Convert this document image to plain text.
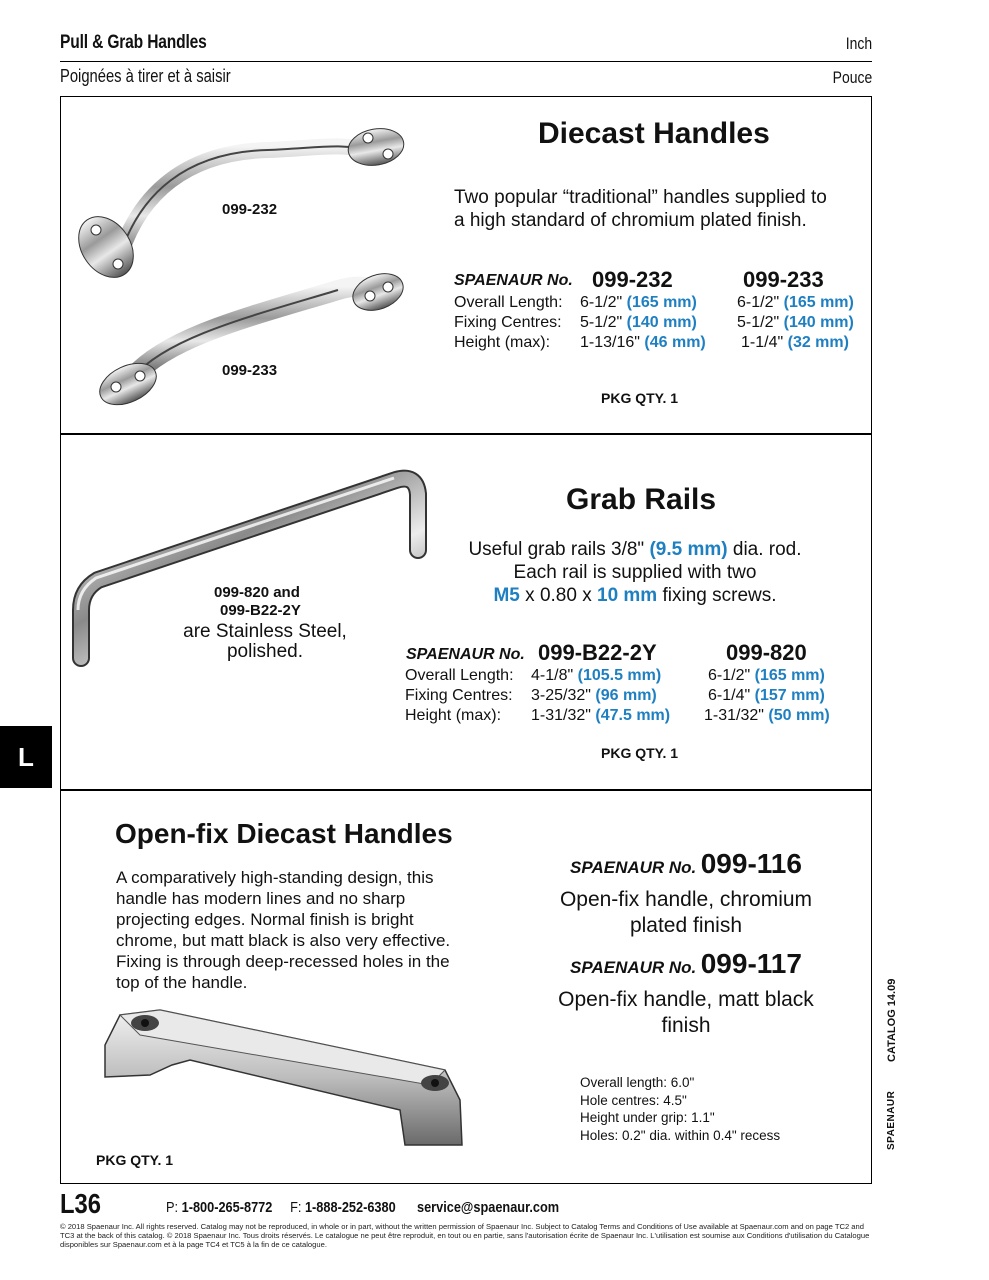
Pull & Grab Handles	Inch
Poignées à tirer et à saisir	Pouce
L
099-232
099-233
Diecast Handles
Two popular “traditional” handles supplied to a high standard of chromium plated finish.
SPAENAUR No. 099-232	099-233
Overall Length: 6-1/2" (165 mm)	6-1/2" (165 mm)
Fixing Centres: 5-1/2" (140 mm)	5-1/2" (140 mm)
Height (max): 1-13/16" (46 mm) 1-1/4" (32 mm)
PKG QTY. 1
099-820 and
099-B22-2Y
are Stainless Steel,
polished.
Grab Rails
Useful grab rails 3/8" (9.5 mm) dia. rod.
Each rail is supplied with two
M5 x 0.80 x 10 mm fixing screws.
SPAENAUR No. 099-B22-2Y	099-820
Overall Length: 4-1/8" (105.5 mm)	6-1/2" (165 mm)
Fixing Centres: 3-25/32" (96 mm)	6-1/4" (157 mm)
Height (max): 1-31/32" (47.5 mm) 1-31/32" (50 mm)
PKG QTY. 1
Open-fix Diecast Handles
A comparatively high-standing design, this handle has modern lines and no sharp projecting edges. Normal finish is bright chrome, but matt black is also very effective. Fixing is through deep-recessed holes in the top of the handle.
PKG QTY. 1
SPAENAUR No. 099-116
Open-fix handle, chromium plated finish
SPAENAUR No. 099-117
Open-fix handle, matt black finish
Overall length: 6.0"
Hole centres: 4.5"
Height under grip: 1.1"
Holes: 0.2" dia. within 0.4" recess
CATALOG 14.09
SPAENAUR
L36	P: 1-800-265-8772 F: 1-888-252-6380 service@spaenaur.com
© 2018 Spaenaur Inc. All rights reserved. Catalog may not be reproduced, in whole or in part, without the written permission of Spaenaur Inc. Subject to Catalog Terms and Conditions of Use available at Spaenaur.com and on page TC2 and TC3 at the back of this catalog. © 2018 Spaenaur Inc. Tous droits réservés. Le catalogue ne peut être reproduit, en tout ou en partie, sans l'autorisation écrite de Spaenaur Inc. L'utilisation est soumise aux Conditions d'utilisation du Catalogue disponibles sur Spaenaur.com et à la page TC4 et TC5 à la fin de ce catalogue.
